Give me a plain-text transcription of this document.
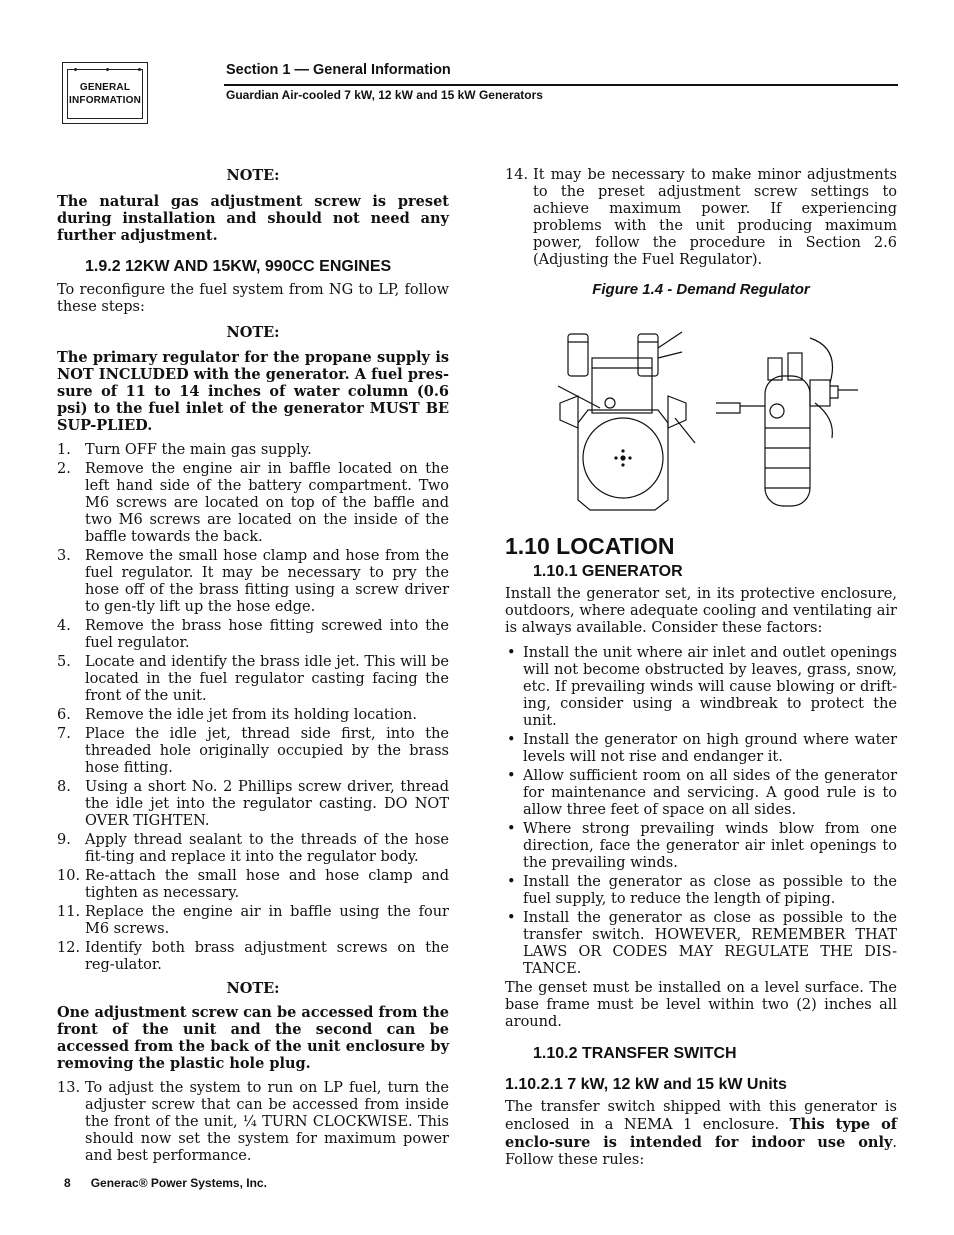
GENERAL
INFORMATION
Section 1 — General Information
Guardian Air-cooled 7 kW, 12 kW and 15 kW Generators

NOTE:

The natural gas adjustment screw is preset during installation and should not need any further adjustment.

1.9.2 12KW AND 15KW, 990CC ENGINES

To reconfigure the fuel system from NG to LP, follow these steps:

NOTE:

The primary regulator for the propane supply is NOT INCLUDED with the generator. A fuel pres-sure of 11 to 14 inches of water column (0.6 psi) to the fuel inlet of the generator MUST BE SUP-PLIED.

1. Turn OFF the main gas supply.
2. Remove the engine air in baffle located on the left hand side of the battery compartment. Two M6 screws are located on top of the baffle and two M6 screws are located on the inside of the baffle towards the back.
3. Remove the small hose clamp and hose from the fuel regulator. It may be necessary to pry the hose off of the brass fitting using a screw driver to gen-tly lift up the hose edge.
4. Remove the brass hose fitting screwed into the fuel regulator.
5. Locate and identify the brass idle jet. This will be located in the fuel regulator casting facing the front of the unit.
6. Remove the idle jet from its holding location.
7. Place the idle jet, thread side first, into the threaded hole originally occupied by the brass hose fitting.
8. Using a short No. 2 Phillips screw driver, thread the idle jet into the regulator casting. DO NOT OVER TIGHTEN.
9. Apply thread sealant to the threads of the hose fit-ting and replace it into the regulator body.
10. Re-attach the small hose and hose clamp and tighten as necessary.
11. Replace the engine air in baffle using the four M6 screws.
12. Identify both brass adjustment screws on the reg-ulator.

NOTE:

One adjustment screw can be accessed from the front of the unit and the second can be accessed from the back of the unit enclosure by removing the plastic hole plug.

13. To adjust the system to run on LP fuel, turn the adjuster screw that can be accessed from inside the front of the unit, ¼ TURN CLOCKWISE. This should now set the system for maximum power and best performance.
14. It may be necessary to make minor adjustments to the preset adjustment screw settings to achieve maximum power. If experiencing problems with the unit producing maximum power, follow the procedure in Section 2.6 (Adjusting the Fuel Regulator).
Figure 1.4 - Demand Regulator
1.10 LOCATION
1.10.1 GENERATOR

Install the generator set, in its protective enclosure, outdoors, where adequate cooling and ventilating air is always available. Consider these factors:

• Install the unit where air inlet and outlet openings will not become obstructed by leaves, grass, snow, etc. If prevailing winds will cause blowing or drift-ing, consider using a windbreak to protect the unit.
• Install the generator on high ground where water levels will not rise and endanger it.
• Allow sufficient room on all sides of the generator for maintenance and servicing. A good rule is to allow three feet of space on all sides.
• Where strong prevailing winds blow from one direction, face the generator air inlet openings to the prevailing winds.
• Install the generator as close as possible to the fuel supply, to reduce the length of piping.
• Install the generator as close as possible to the transfer switch. HOWEVER, REMEMBER THAT LAWS OR CODES MAY REGULATE THE DIS-TANCE.

The genset must be installed on a level surface. The base frame must be level within two (2) inches all around.

1.10.2 TRANSFER SWITCH
1.10.2.1 7 kW, 12 kW and 15 kW Units

The transfer switch shipped with this generator is enclosed in a NEMA 1 enclosure. This type of enclo-sure is intended for indoor use only. Follow these rules:

8 Generac® Power Systems, Inc.
